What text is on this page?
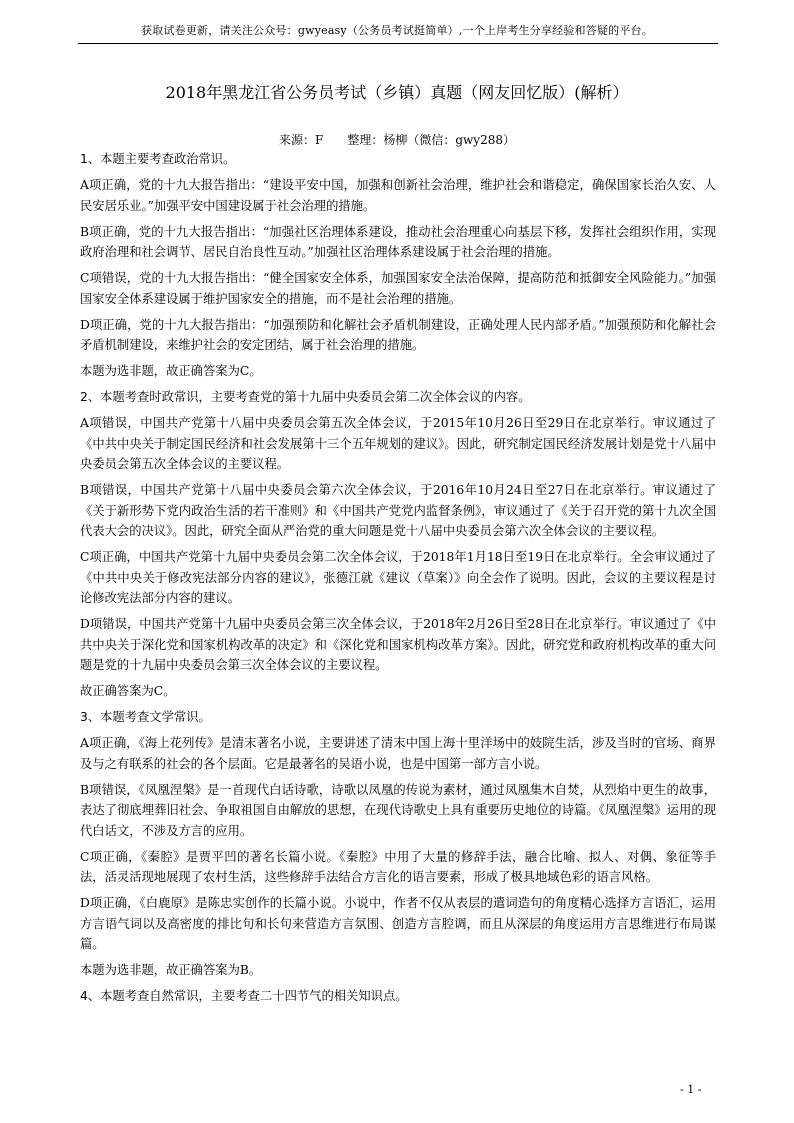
获取试卷更新，请关注公众号：gwyeasy（公务员考试挺简单）,一个上岸考生分享经验和答疑的平台。
2018年黑龙江省公务员考试（乡镇）真题（网友回忆版）(解析）
来源：F　　整理：杨柳（微信：gwy288）

1、本题主要考查政治常识。

A项正确，党的十九大报告指出：“建设平安中国，加强和创新社会治理，维护社会和谐稳定，确保国家长治久安、人民安居乐业。”加强平安中国建设属于社会治理的措施。

B项正确，党的十九大报告指出：“加强社区治理体系建设，推动社会治理重心向基层下移，发挥社会组织作用，实现政府治理和社会调节、居民自治良性互动。”加强社区治理体系建设属于社会治理的措施。

C项错误，党的十九大报告指出：“健全国家安全体系，加强国家安全法治保障，提高防范和抵御安全风险能力。”加强国家安全体系建设属于维护国家安全的措施，而不是社会治理的措施。

D项正确，党的十九大报告指出：“加强预防和化解社会矛盾机制建设，正确处理人民内部矛盾。”加强预防和化解社会矛盾机制建设，来维护社会的安定团结，属于社会治理的措施。

本题为选非题，故正确答案为C。

2、本题考查时政常识，主要考查党的第十九届中央委员会第二次全体会议的内容。

A项错误，中国共产党第十八届中央委员会第五次全体会议，于2015年10月26日至29日在北京举行。审议通过了《中共中央关于制定国民经济和社会发展第十三个五年规划的建议》。因此，研究制定国民经济发展计划是党十八届中央委员会第五次全体会议的主要议程。

B项错误，中国共产党第十八届中央委员会第六次全体会议，于2016年10月24日至27日在北京举行。审议通过了《关于新形势下党内政治生活的若干准则》和《中国共产党党内监督条例》，审议通过了《关于召开党的第十九次全国代表大会的决议》。因此，研究全面从严治党的重大问题是党十八届中央委员会第六次全体会议的主要议程。

C项正确，中国共产党第十九届中央委员会第二次全体会议，于2018年1月18日至19日在北京举行。全会审议通过了《中共中央关于修改宪法部分内容的建议》，张德江就《建议（草案）》向全会作了说明。因此，会议的主要议程是讨论修改宪法部分内容的建议。

D项错误，中国共产党第十九届中央委员会第三次全体会议，于2018年2月26日至28日在北京举行。审议通过了《中共中央关于深化党和国家机构改革的决定》和《深化党和国家机构改革方案》。因此，研究党和政府机构改革的重大问题是党的十九届中央委员会第三次全体会议的主要议程。

故正确答案为C。

3、本题考查文学常识。

A项正确，《海上花列传》是清末著名小说，主要讲述了清末中国上海十里洋场中的妓院生活，涉及当时的官场、商界及与之有联系的社会的各个层面。它是最著名的吴语小说，也是中国第一部方言小说。

B项错误，《凤凰涅槃》是一首现代白话诗歌，诗歌以凤凰的传说为素材，通过凤凰集木自焚，从烈焰中更生的故事，表达了彻底埋葬旧社会、争取祖国自由解放的思想，在现代诗歌史上具有重要历史地位的诗篇。《凤凰涅槃》运用的现代白话文，不涉及方言的应用。

C项正确，《秦腔》是贾平凹的著名长篇小说。《秦腔》中用了大量的修辞手法，融合比喻、拟人、对偶、象征等手法，活灵活现地展现了农村生活，这些修辞手法结合方言化的语言要素，形成了极具地域色彩的语言风格。

D项正确，《白鹿原》是陈忠实创作的长篇小说。小说中，作者不仅从表层的遣词造句的角度精心选择方言语汇，运用方言语气词以及高密度的排比句和长句来营造方言氛围、创造方言腔调，而且从深层的角度运用方言思维进行布局谋篇。

本题为选非题，故正确答案为B。

4、本题考查自然常识，主要考查二十四节气的相关知识点。

- 1 -
